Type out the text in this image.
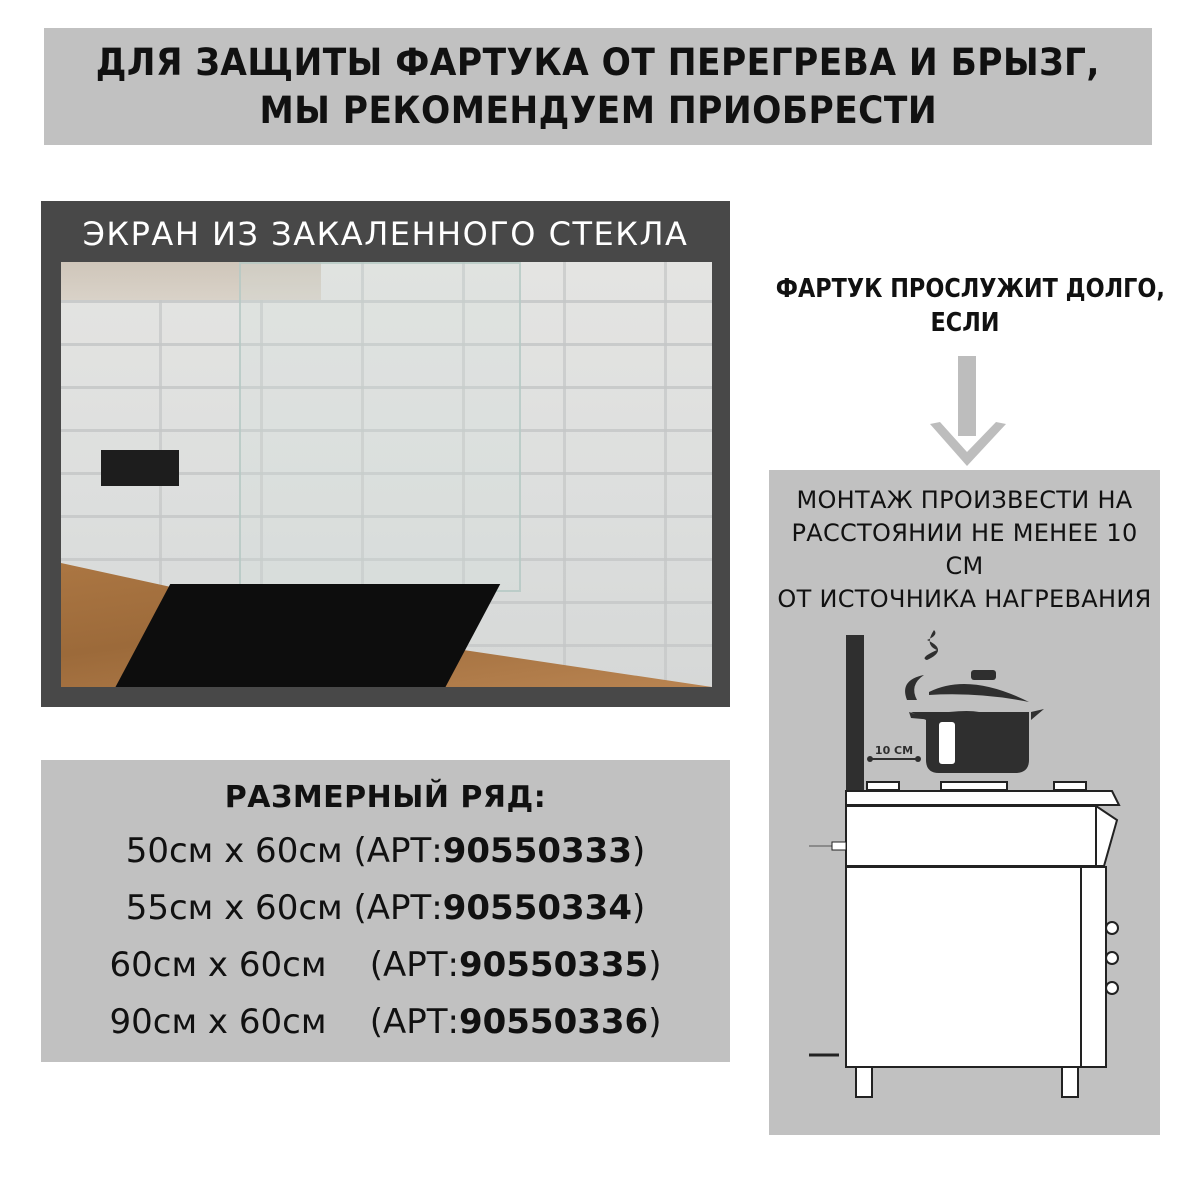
ДЛЯ ЗАЩИТЫ ФАРТУКА ОТ ПЕРЕГРЕВА И БРЫЗГ,
МЫ РЕКОМЕНДУЕМ ПРИОБРЕСТИ
ЭКРАН ИЗ ЗАКАЛЕННОГО СТЕКЛА
РАЗМЕРНЫЙ РЯД:
50см x 60см (АРТ:90550333)
55см x 60см (АРТ:90550334)
60см x 60см (АРТ:90550335)
90см x 60см (АРТ:90550336)
ФАРТУК ПРОСЛУЖИТ ДОЛГО,
ЕСЛИ
МОНТАЖ ПРОИЗВЕСТИ НА
РАССТОЯНИИ НЕ МЕНЕЕ 10 СМ
ОТ ИСТОЧНИКА НАГРЕВАНИЯ
10 CM
